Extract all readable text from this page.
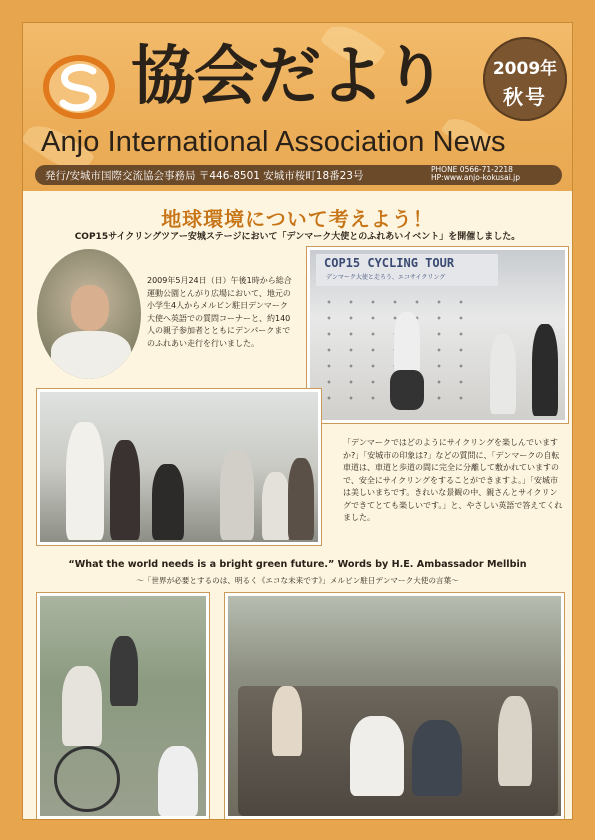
協会だより	2009年
秋号
Anjo International Association News
発行/安城市国際交流協会事務局 〒446-8501 安城市桜町18番23号
PHONE 0566-71-2218
HP:www.anjo-kokusai.jp
地球環境について考えよう！
COP15サイクリングツアー安城ステージにおいて「デンマーク大使とのふれあいイベント」を開催しました。
2009年5月24日（日）午後1時から総合運動公園とんがり広場において、地元の小学生4人からメルビン駐日デンマーク大使へ英語での質問コーナーと、約140人の親子参加者とともにデンパークまでのふれあい走行を行いました。
COP15 CYCLING TOUR
デンマーク大使と走ろう、エコサイクリング
「デンマークではどのようにサイクリングを楽しんでいますか?」「安城市の印象は?」などの質問に、「デンマークの自転車道は、車道と歩道の間に完全に分離して敷かれていますので、安全にサイクリングをすることができますよ。」「安城市は美しいまちです。きれいな景観の中、親さんとサイクリングできてとても楽しいです。」と、やさしい英語で答えてくれました。
“What the world needs is a bright green future.” Words by H.E. Ambassador Mellbin
～「世界が必要とするのは、明るく《エコな未来です》」メルビン駐日デンマーク大使の言葉～
